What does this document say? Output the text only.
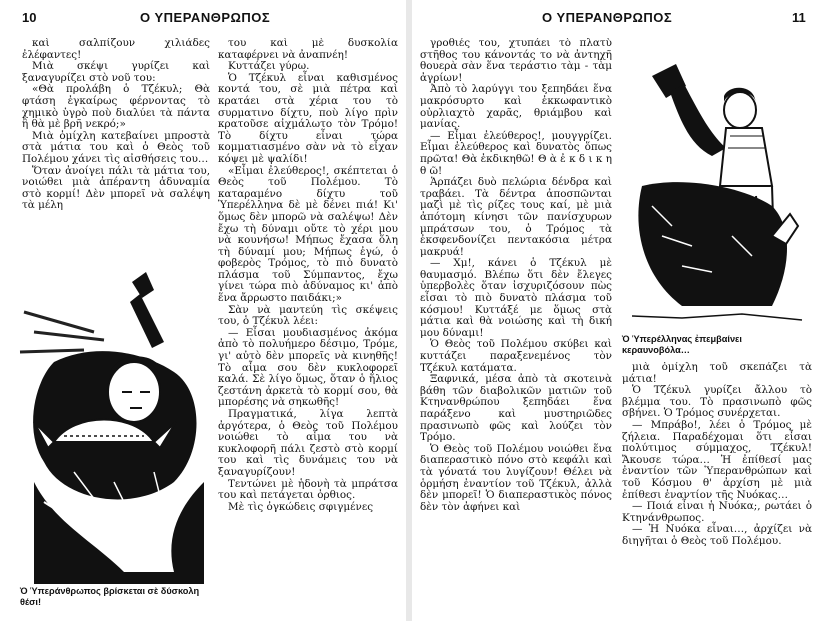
10	Ο ΥΠΕΡΑΝΘΡΩΠΟΣ

καὶ σαλπίζουν χιλιάδες ἐλέφαντες!

Μιὰ σκέψι γυρίζει καὶ ξαναγυρίζει στὸ νοῦ του:

«Θὰ προλάβη ὁ Τζέκυλ; Θὰ φτάση ἐγκαίρως φέρνοντας τὸ χημικὸ ὑγρὸ ποὺ διαλύει τὰ πάντα ἢ θὰ μὲ βρῆ νεκρό;»

Μιὰ ὁμίχλη κατεβαίνει μπροστὰ στὰ μάτια του καὶ ὁ Θεὸς τοῦ Πολέμου χάνει τὶς αἰσθήσεις του…

Ὅταν ἀνοίγει πάλι τὰ μάτια του, νοιώθει μιὰ ἀπέραντη ἀδυναμία στὸ κορμί! Δὲν μπορεῖ νὰ σαλέψη τὰ μέλη

Ὁ Ὑπεράνθρωπος βρίσκεται σὲ δύσκολη θέσι!

του καὶ μὲ δυσκολία καταφέρνει νὰ ἀναπνέη!

Κυττάζει γύρω.

Ὁ Τζέκυλ εἶναι καθισμένος κοντά του, σὲ μιὰ πέτρα καὶ κρατάει στὰ χέρια του τὸ συρματινο δίχτυ, ποὺ λίγο πρὶν κρατοῦσε αἰχμάλωτο τὸν Τρόμο! Τὸ δίχτυ εἶναι τώρα κομματιασμένο σὰν νὰ τὸ εἶχαν κόψει μὲ ψαλίδι!

«Εἶμαι ἐλεύθερος!, σκέπτεται ὁ Θεὸς τοῦ Πολέμου. Τὸ καταραμένο δίχτυ τοῦ Ὑπερέλληνα δὲ μὲ δένει πιά! Κι' ὅμως δὲν μπορῶ νὰ σαλέψω! Δὲν ἔχω τὴ δύναμι οὔτε τὸ χέρι μου νὰ κουνήσω! Μήπως ἔχασα ὅλη τὴ δύναμί μου; Μήπως ἐγώ, ὁ φοβερὸς Τρόμος, τὸ πιὸ δυνατὸ πλάσμα τοῦ Σύμπαντος, ἔχω γίνει τώρα πιὸ ἀδύναμος κι' ἀπὸ ἕνα ἄρρωστο παιδάκι;»

Σὰν νὰ μαντεύη τὶς σκέψεις του, ὁ Τζέκυλ λέει:

— Εἶσαι μουδιασμένος ἀκόμα ἀπὸ τὸ πολυήμερο δέσιμο, Τρόμε, γι' αὐτὸ δὲν μπορεῖς νὰ κινηθῆς! Τὸ αἷμα σου δὲν κυκλοφορεῖ καλά. Σὲ λίγο ὅμως, ὅταν ὁ ἥλιος ζεστάνη ἀρκετὰ τὸ κορμί σου, θὰ μπορέσης νὰ σηκωθῆς!

Πραγματικά, λίγα λεπτὰ ἀργότερα, ὁ Θεὸς τοῦ Πολέμου νοιώθει τὸ αἷμα του νὰ κυκλοφορῆ πάλι ζεστὸ στὸ κορμί του καὶ τὶς δυνάμεις του νὰ ξαναγυρίζουν!

Τεντώνει μὲ ἡδονὴ τὰ μπράτσα του καὶ πετάγεται ὀρθιος.

Μὲ τὶς ὀγκώδεις σφιγμένες

Ο ΥΠΕΡΑΝΘΡΩΠΟΣ	11

γροθιές του, χτυπάει τὸ πλατὺ στῆθος του κάνοντάς το νὰ ἀντηχῆ θουερὰ σὰν ἕνα τεράστιο τὰμ - τὰμ ἀγρίων!

Ἀπὸ τὸ λαρύγγι του ξεπηδάει ἕνα μακρόσυρτο καὶ ἐκκωφαντικὸ οὐρλιαχτὸ χαρᾶς, θριάμβου καὶ μανίας.

— Εἶμαι ἐλεύθερος!, μουγγρίζει. Εἶμαι ἐλεύθερος καὶ δυνατὸς ὅπως πρῶτα! Θὰ ἐκδικηθῶ! Θ ὰ ἐ κ δ ι κ η θ ῶ!

Ἁρπάζει δυὸ πελώρια δένδρα καὶ τραβάει. Τὰ δέντρα ἀποσπῶνται μαζὶ μὲ τὶς ρίζες τους καί, μὲ μιὰ ἀπότομη κίνησι τῶν πανίσχυρων μπράτσων του, ὁ Τρόμος τὰ ἐκσφενδονίζει πεντακόσια μέτρα μακρυά!

— Χμ!, κάνει ὁ Τζέκυλ μὲ θαυμασμό. Βλέπω ὅτι δὲν ἔλεγες ὑπερβολὲς ὅταν ἰσχυριζόσουν πὼς εἶσαι τὸ πιὸ δυνατὸ πλάσμα τοῦ κόσμου! Κυττάξέ με ὅμως στὰ μάτια καὶ θὰ νοιώσης καὶ τὴ δική μου δύναμι!

Ὁ Θεὸς τοῦ Πολέμου σκύβει καὶ κυττάζει παραξενεμένος τὸν Τζέκυλ κατάματα.

Ξαφνικά, μέσα ἀπὸ τὰ σκοτεινὰ βάθη τῶν διαβολικῶν ματιῶν τοῦ Κτηνανθρώπου ξεπηδάει ἕνα παράξενο καὶ μυστηριῶδες πρασινωπὸ φῶς καὶ λούζει τὸν Τρόμο.

Ὁ Θεὸς τοῦ Πολέμου νοιώθει ἕνα διαπεραστικὸ πόνο στὸ κεφάλι καὶ τὰ γόνατά του λυγίζουν! Θέλει νὰ ὁρμήση ἐναντίον τοῦ Τζέκυλ, ἀλλὰ δὲν μπορεῖ! Ὁ διαπεραστικὸς πόνος δὲν τὸν ἀφήνει καὶ

Ὁ Ὑπερέλληνας ἐπεμβαίνει κεραυνοβόλα…

μιὰ ὁμίχλη τοῦ σκεπάζει τὰ μάτια!

Ὁ Τζέκυλ γυρίζει ἄλλου τὸ βλέμμα του. Τὸ πρασινωπὸ φῶς σβήνει. Ὁ Τρόμος συνέρχεται.

— Μπράβο!, λέει ὁ Τρόμος μὲ ζήλεια. Παραδέχομαι ὅτι εἶσαι πολύτιμος σύμμαχος, Τζέκυλ! Ἄκουσε τώρα… Ἡ ἐπίθεσί μας ἐναντίον τῶν Ὑπερανθρώπων καὶ τοῦ Κόσμου θ' ἀρχίση μὲ μιὰ ἐπίθεσι ἐναντίον τῆς Νυόκας…

— Ποιά εἶναι ἡ Νυόκα;, ρωτάει ὁ Κτηνάνθρωπος.

— Ἡ Νυόκα εἶναι…, ἀρχίζει νὰ διηγῆται ὁ Θεὸς τοῦ Πολέμου.
